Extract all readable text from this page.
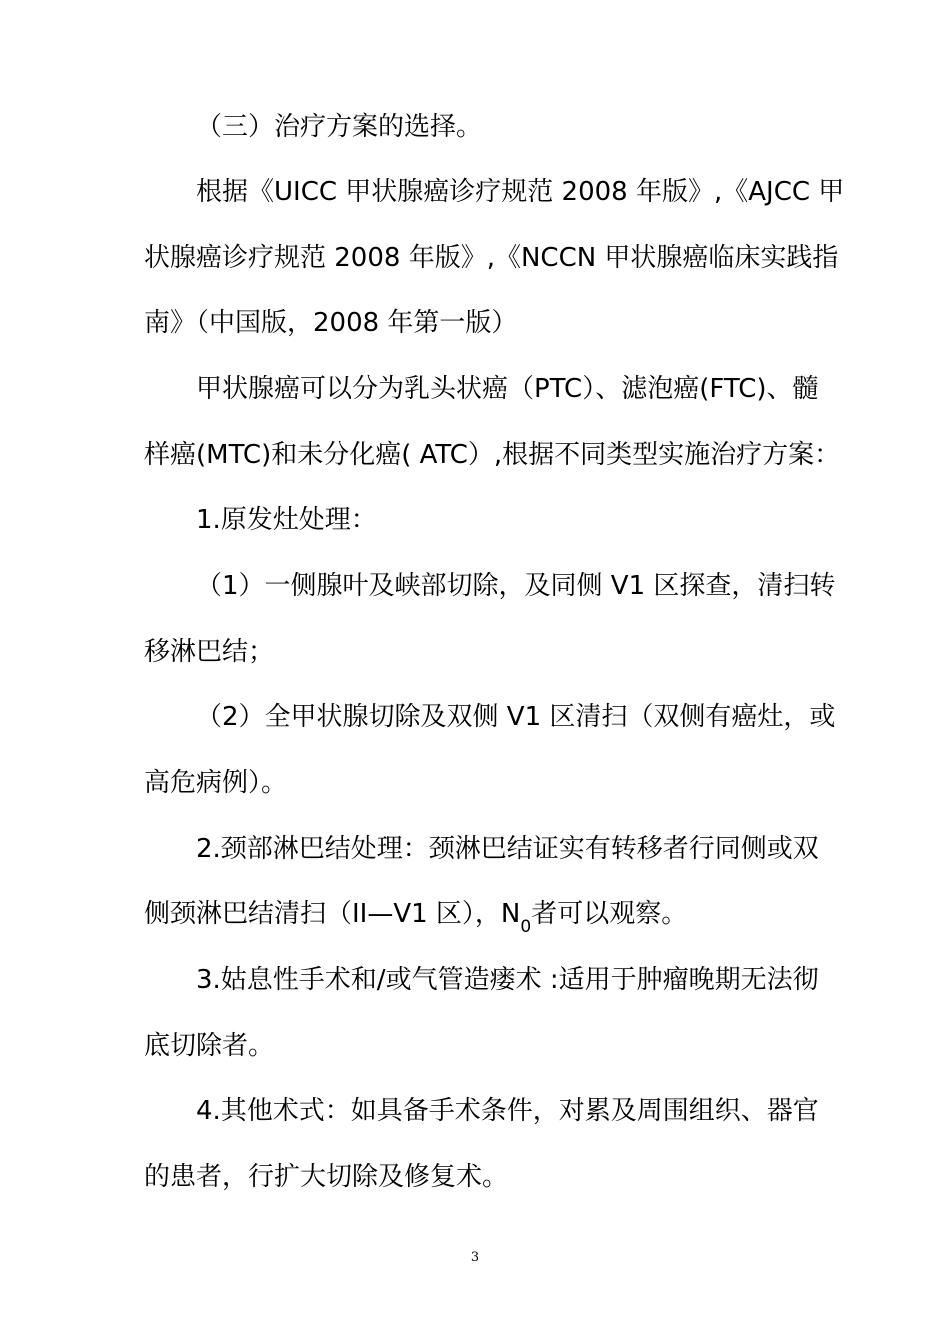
（三）治疗方案的选择。
根据《UICC 甲状腺癌诊疗规范 2008 年版》,《AJCC 甲
状腺癌诊疗规范 2008 年版》,《NCCN 甲状腺癌临床实践指
南》（中国版，2008 年第一版）
甲状腺癌可以分为乳头状癌（PTC）、滤泡癌(FTC)、髓
样癌(MTC)和未分化癌( ATC）,根据不同类型实施治疗方案：
1.原发灶处理：
（1）一侧腺叶及峡部切除，及同侧 V1 区探查，清扫转
移淋巴结；
（2）全甲状腺切除及双侧 V1 区清扫（双侧有癌灶，或
高危病例）。
2.颈部淋巴结处理：颈淋巴结证实有转移者行同侧或双
侧颈淋巴结清扫（II—V1 区），$N_0$者可以观察。
3.姑息性手术和/或气管造瘘术 :适用于肿瘤晚期无法彻
底切除者。
4.其他术式：如具备手术条件，对累及周围组织、器官
的患者，行扩大切除及修复术。
3
